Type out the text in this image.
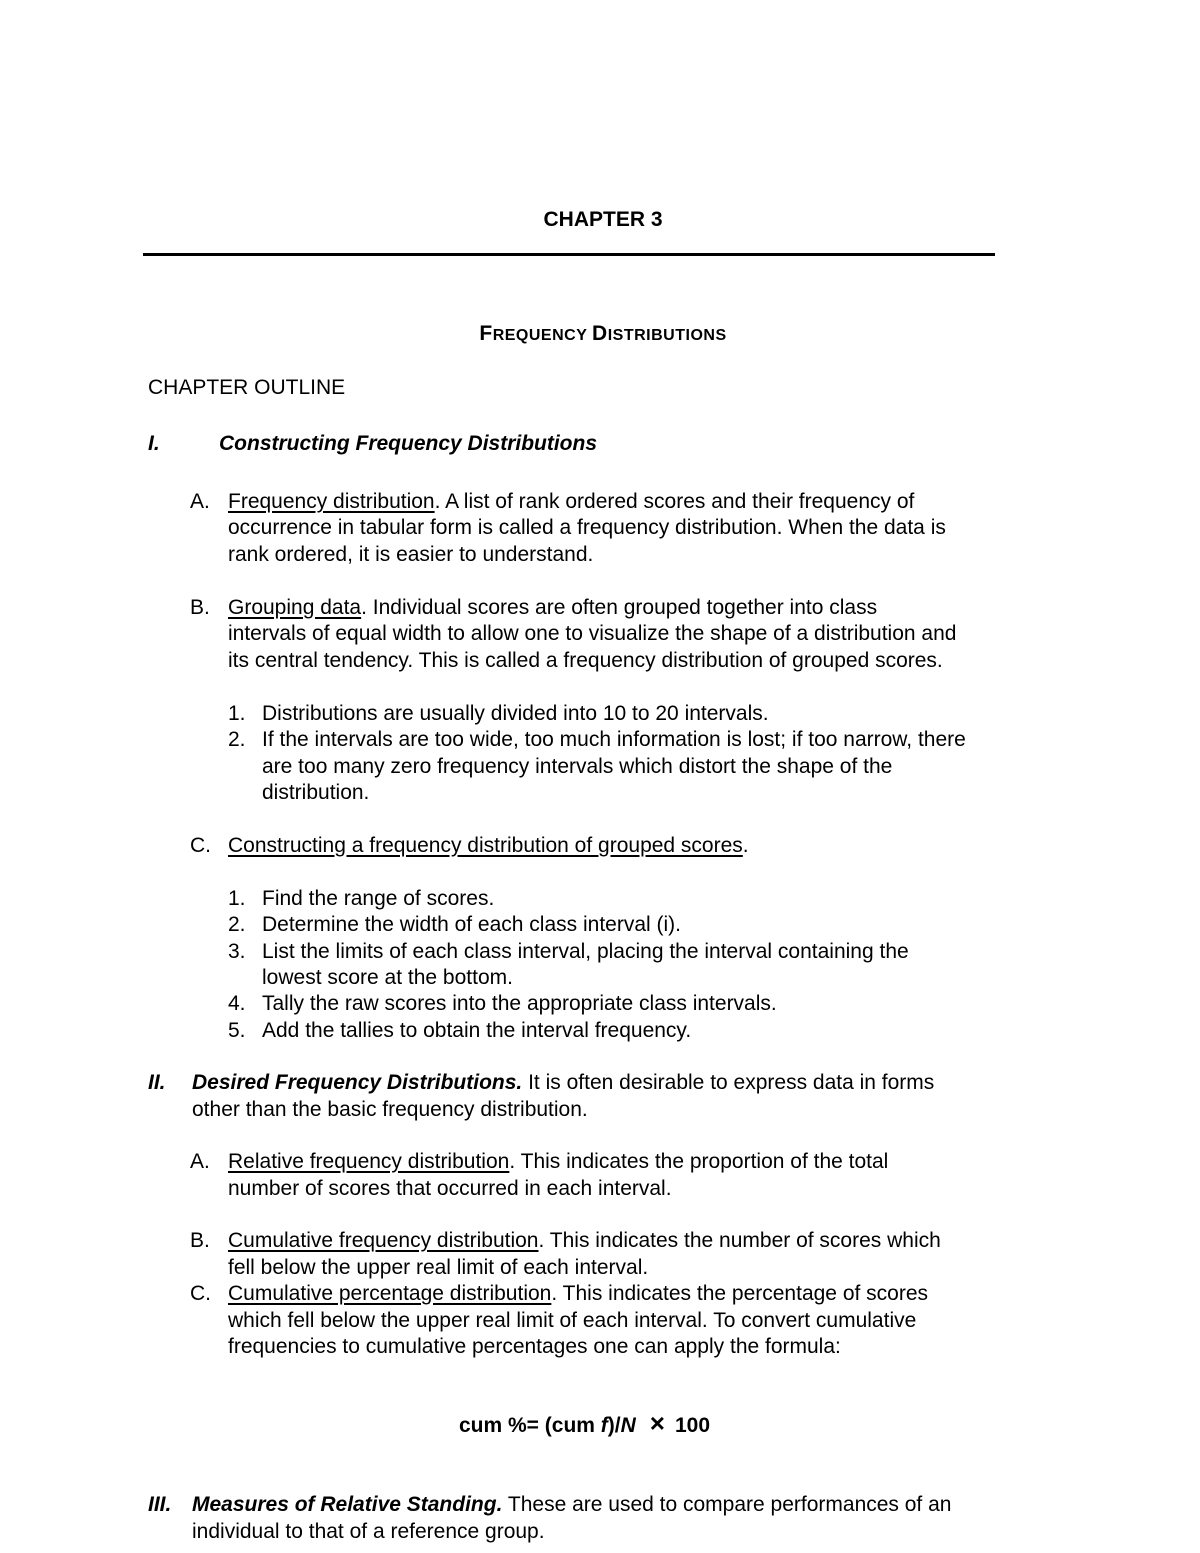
CHAPTER 3
FREQUENCY DISTRIBUTIONS
CHAPTER OUTLINE
I.	Constructing Frequency Distributions
A. Frequency distribution. A list of rank ordered scores and their frequency of
occurrence in tabular form is called a frequency distribution. When the data is
rank ordered, it is easier to understand.
B. Grouping data. Individual scores are often grouped together into class
intervals of equal width to allow one to visualize the shape of a distribution and
its central tendency. This is called a frequency distribution of grouped scores.
1. Distributions are usually divided into 10 to 20 intervals.
2. If the intervals are too wide, too much information is lost; if too narrow, there
are too many zero frequency intervals which distort the shape of the
distribution.
C. Constructing a frequency distribution of grouped scores.
1. Find the range of scores.
2. Determine the width of each class interval (i).
3. List the limits of each class interval, placing the interval containing the
lowest score at the bottom.
4. Tally the raw scores into the appropriate class intervals.
5. Add the tallies to obtain the interval frequency.
II. Desired Frequency Distributions. It is often desirable to express data in forms
other than the basic frequency distribution.
A. Relative frequency distribution. This indicates the proportion of the total
number of scores that occurred in each interval.
B. Cumulative frequency distribution. This indicates the number of scores which
fell below the upper real limit of each interval.
C. Cumulative percentage distribution. This indicates the percentage of scores
which fell below the upper real limit of each interval. To convert cumulative
frequencies to cumulative percentages one can apply the formula:
cum %= (cum f)/N × 100
III. Measures of Relative Standing. These are used to compare performances of an
individual to that of a reference group.
